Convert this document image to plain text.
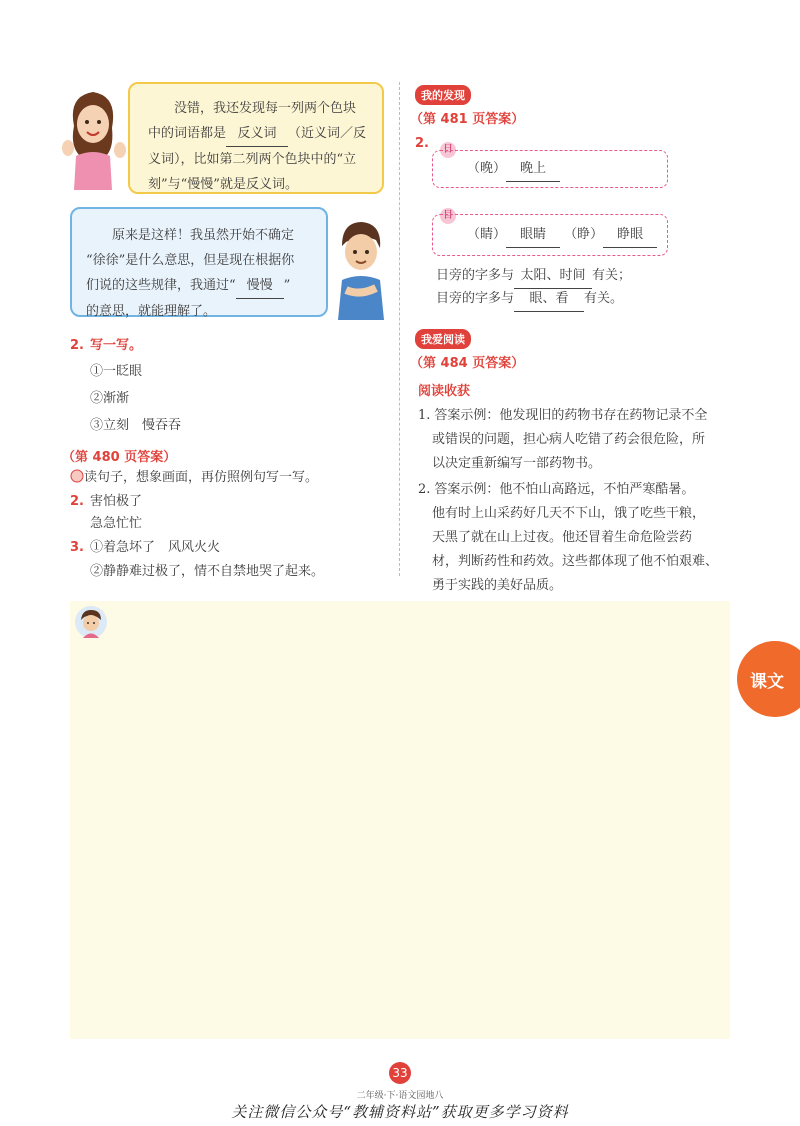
没错，我还发现每一列两个色块
中的词语都是 反义词 （近义词／反
义词），比如第二列两个色块中的“立
刻”与“慢慢”就是反义词。
原来是这样！我虽然开始不确定
“徐徐”是什么意思，但是现在根据你
们说的这些规律，我通过“ 慢慢 ”
的意思，就能理解了。
2. 写一写。
①一眨眼
②渐渐
③立刻　慢吞吞
（第 480 页答案）
读句子，想象画面，再仿照例句写一写。
2. 害怕极了
急急忙忙
3. ①着急坏了　风风火火
②静静难过极了，情不自禁地哭了起来。
我的发现
（第 481 页答案）
2.	日
（晚） 晚上
目
（睛） 眼睛 （睁） 睁眼
日旁的字多与 太阳、时间 有关；
目旁的字多与 眼、看 有关。
我爱阅读
（第 484 页答案）
阅读收获
1. 答案示例：他发现旧的药物书存在药物记录不全
或错误的问题，担心病人吃错了药会很危险，所
以决定重新编写一部药物书。
2. 答案示例：他不怕山高路远，不怕严寒酷暑。
他有时上山采药好几天不下山，饿了吃些干粮，
天黑了就在山上过夜。他还冒着生命危险尝药
材，判断药性和药效。这些都体现了他不怕艰难、
勇于实践的美好品质。
课文
33
二年级·下·语文园地八
关注微信公众号“教辅资料站”获取更多学习资料
